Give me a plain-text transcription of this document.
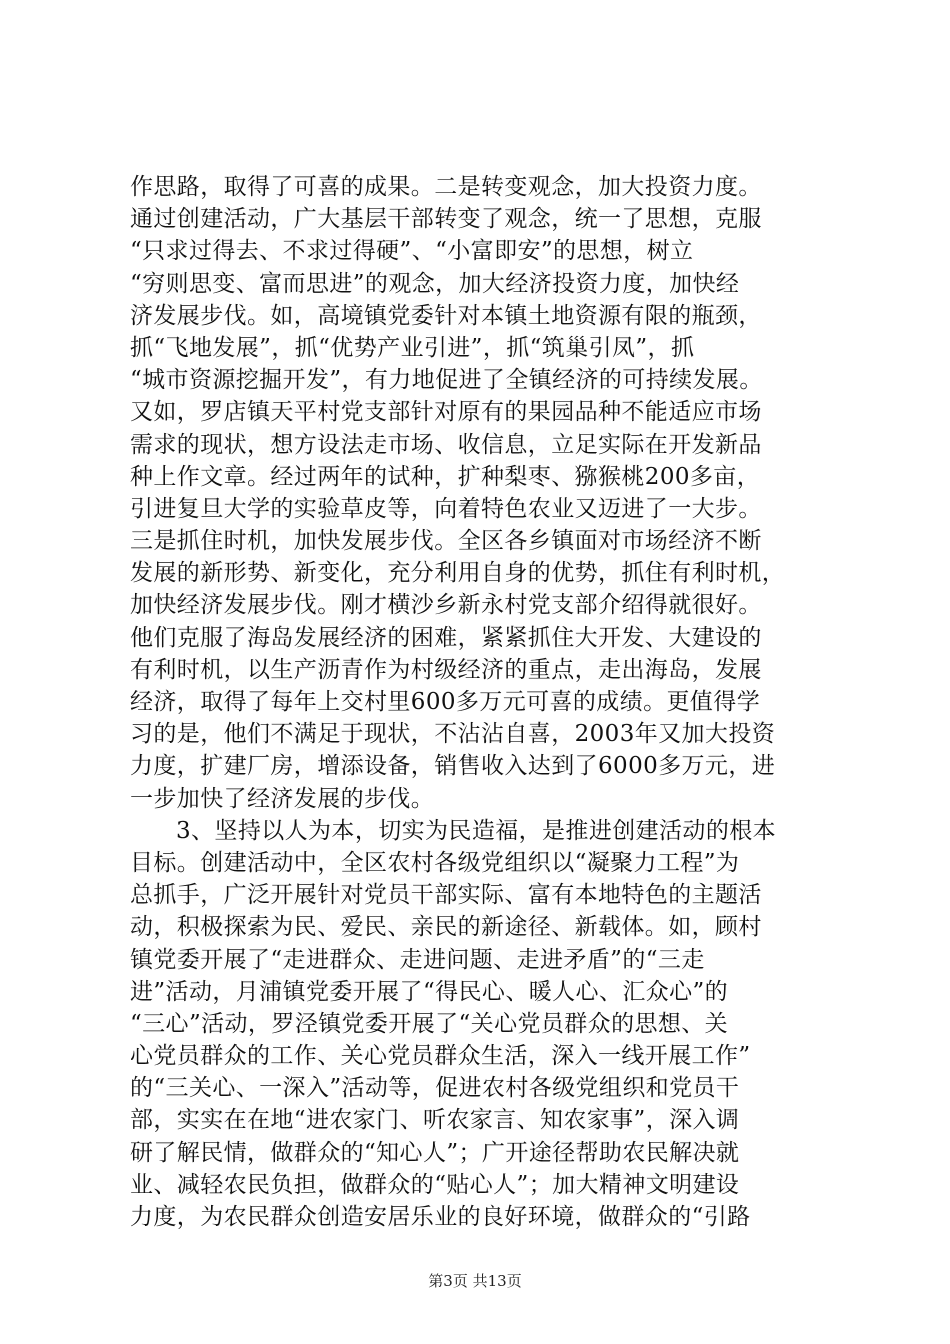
作思路，取得了可喜的成果。二是转变观念，加大投资力度。
通过创建活动，广大基层干部转变了观念，统一了思想，克服
“只求过得去、不求过得硬”、“小富即安”的思想，树立
“穷则思变、富而思进”的观念，加大经济投资力度，加快经
济发展步伐。如，高境镇党委针对本镇土地资源有限的瓶颈，
抓“飞地发展”，抓“优势产业引进”，抓“筑巢引凤”，抓
“城市资源挖掘开发”，有力地促进了全镇经济的可持续发展。
又如，罗店镇天平村党支部针对原有的果园品种不能适应市场
需求的现状，想方设法走市场、收信息，立足实际在开发新品
种上作文章。经过两年的试种，扩种梨枣、猕猴桃200多亩，
引进复旦大学的实验草皮等，向着特色农业又迈进了一大步。
三是抓住时机，加快发展步伐。全区各乡镇面对市场经济不断
发展的新形势、新变化，充分利用自身的优势，抓住有利时机，
加快经济发展步伐。刚才横沙乡新永村党支部介绍得就很好。
他们克服了海岛发展经济的困难，紧紧抓住大开发、大建设的
有利时机，以生产沥青作为村级经济的重点，走出海岛，发展
经济，取得了每年上交村里600多万元可喜的成绩。更值得学
习的是，他们不满足于现状，不沾沾自喜，2003年又加大投资
力度，扩建厂房，增添设备，销售收入达到了6000多万元，进
一步加快了经济发展的步伐。
3、坚持以人为本，切实为民造福，是推进创建活动的根本
目标。创建活动中，全区农村各级党组织以“凝聚力工程”为
总抓手，广泛开展针对党员干部实际、富有本地特色的主题活
动，积极探索为民、爱民、亲民的新途径、新载体。如，顾村
镇党委开展了“走进群众、走进问题、走进矛盾”的“三走
进”活动，月浦镇党委开展了“得民心、暖人心、汇众心”的
“三心”活动，罗泾镇党委开展了“关心党员群众的思想、关
心党员群众的工作、关心党员群众生活，深入一线开展工作”
的“三关心、一深入”活动等，促进农村各级党组织和党员干
部，实实在在地“进农家门、听农家言、知农家事”，深入调
研了解民情，做群众的“知心人”；广开途径帮助农民解决就
业、减轻农民负担，做群众的“贴心人”；加大精神文明建设
力度，为农民群众创造安居乐业的良好环境，做群众的“引路
第3页 共13页
